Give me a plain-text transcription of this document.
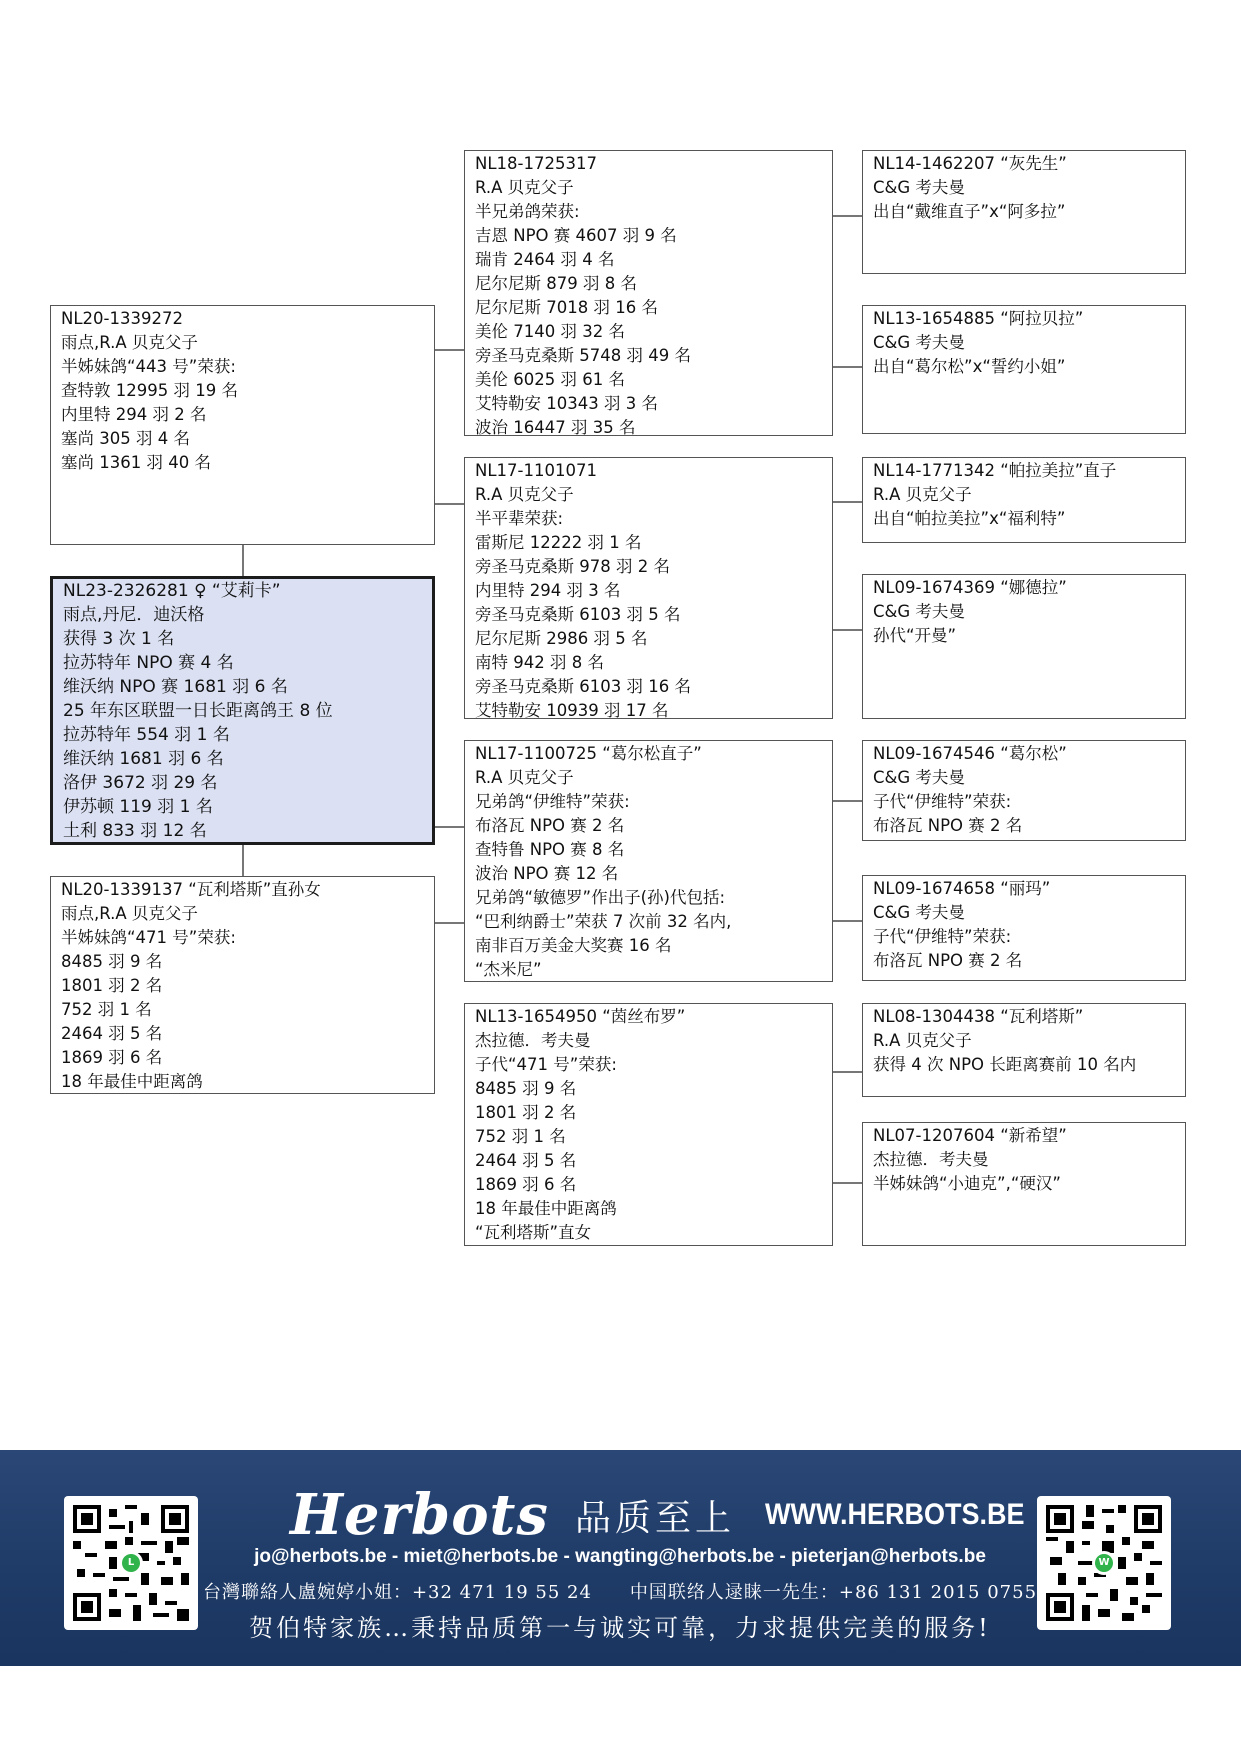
NL20-1339272
雨点,R.A 贝克父子
半姊妹鸽“443 号”荣获:
查特敦 12995 羽 19 名
内里特 294 羽 2 名
塞尚 305 羽 4 名
塞尚 1361 羽 40 名
NL23-2326281 ♀ “艾莉卡”
雨点,丹尼．迪沃格
获得 3 次 1 名
拉苏特年 NPO 赛 4 名
维沃纳 NPO 赛 1681 羽 6 名
25 年东区联盟一日长距离鸽王 8 位
拉苏特年 554 羽 1 名
维沃纳 1681 羽 6 名
洛伊 3672 羽 29 名
伊苏顿 119 羽 1 名
土利 833 羽 12 名
NL20-1339137 “瓦利塔斯”直孙女
雨点,R.A 贝克父子
半姊妹鸽“471 号”荣获:
8485 羽 9 名
1801 羽 2 名
752 羽 1 名
2464 羽 5 名
1869 羽 6 名
18 年最佳中距离鸽
NL18-1725317
R.A 贝克父子
半兄弟鸽荣获:
吉恩 NPO 赛 4607 羽 9 名
瑞肯 2464 羽 4 名
尼尔尼斯 879 羽 8 名
尼尔尼斯 7018 羽 16 名
美伦 7140 羽 32 名
旁圣马克桑斯 5748 羽 49 名
美伦 6025 羽 61 名
艾特勒安 10343 羽 3 名
波治 16447 羽 35 名
NL17-1101071
R.A 贝克父子
半平辈荣获:
雷斯尼 12222 羽 1 名
旁圣马克桑斯 978 羽 2 名
内里特 294 羽 3 名
旁圣马克桑斯 6103 羽 5 名
尼尔尼斯 2986 羽 5 名
南特 942 羽 8 名
旁圣马克桑斯 6103 羽 16 名
艾特勒安 10939 羽 17 名
NL17-1100725 “葛尔松直子”
R.A 贝克父子
兄弟鸽“伊维特”荣获:
布洛瓦 NPO 赛 2 名
查特鲁 NPO 赛 8 名
波治 NPO 赛 12 名
兄弟鸽“敏德罗”作出子(孙)代包括:
“巴利纳爵士”荣获 7 次前 32 名内,
南非百万美金大奖赛 16 名
“杰米尼”
NL13-1654950 “茵丝布罗”
杰拉德．考夫曼
子代“471 号”荣获:
8485 羽 9 名
1801 羽 2 名
752 羽 1 名
2464 羽 5 名
1869 羽 6 名
18 年最佳中距离鸽
“瓦利塔斯”直女
NL14-1462207 “灰先生”
C&G 考夫曼
出自“戴维直子”x“阿多拉”
NL13-1654885 “阿拉贝拉”
C&G 考夫曼
出自“葛尔松”x“誓约小姐”
NL14-1771342 “帕拉美拉”直子
R.A 贝克父子
出自“帕拉美拉”x“福利特”
NL09-1674369 “娜德拉”
C&G 考夫曼
孙代“开曼”
NL09-1674546 “葛尔松”
C&G 考夫曼
子代“伊维特”荣获:
布洛瓦 NPO 赛 2 名
NL09-1674658 “丽玛”
C&G 考夫曼
子代“伊维特”荣获:
布洛瓦 NPO 赛 2 名
NL08-1304438 “瓦利塔斯”
R.A 贝克父子
获得 4 次 NPO 长距离赛前 10 名内
NL07-1207604 “新希望”
杰拉德．考夫曼
半姊妹鸽“小迪克”,“硬汉”
L
Herbots 品质至上 WWW.HERBOTS.BE
jo@herbots.be - miet@herbots.be - wangting@herbots.be - pieterjan@herbots.be
台灣聯絡人盧婉婷小姐：+32 471 19 55 24　　中国联络人逯睐一先生：+86 131 2015 0755
贺伯特家族…秉持品质第一与诚实可靠，力求提供完美的服务!
W
